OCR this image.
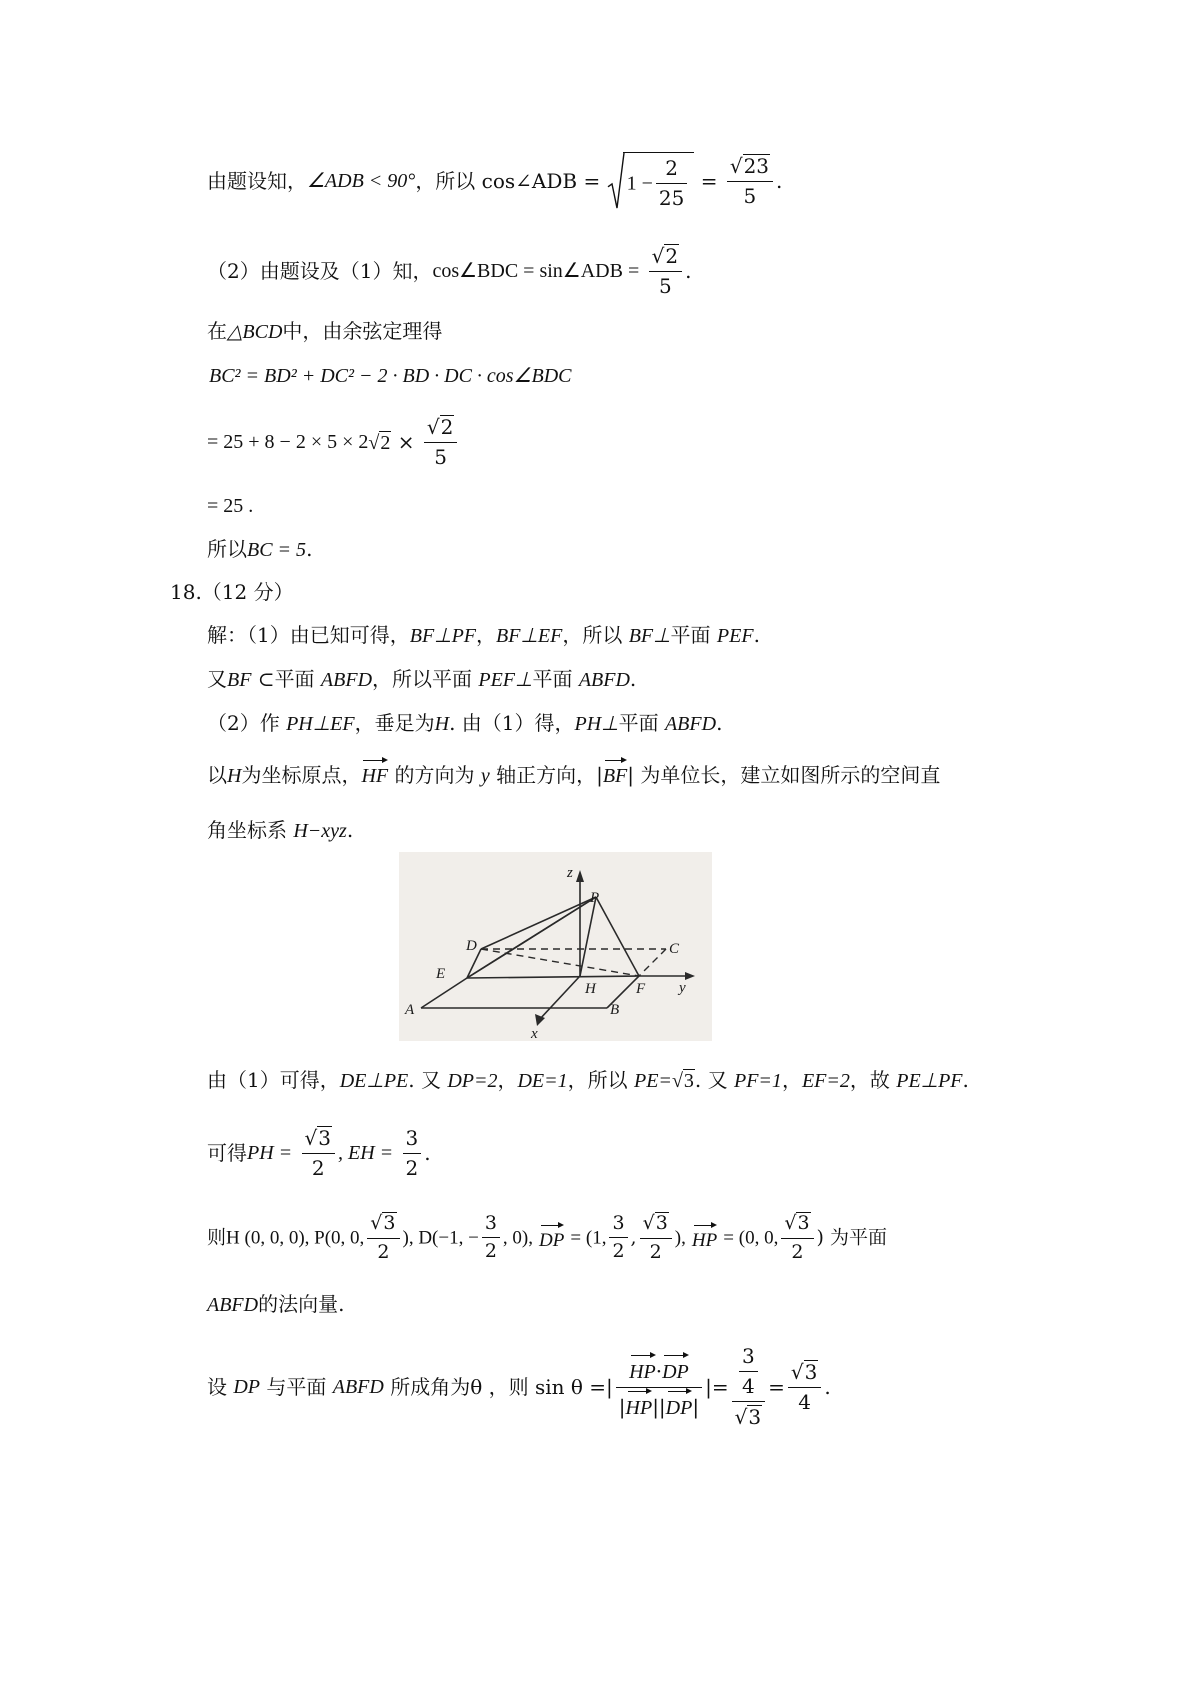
由题设知，∠ADB < 90°，所以 cos∠ADB = $1 - \frac{2}{25} = \frac{√23}{5}$ .
（2）由题设及（1）知，cos∠BDC = sin∠ADB = $\frac{√2}{5}$ .
在△BCD中，由余弦定理得
BC² = BD² + DC² − 2 · BD · DC · cos∠BDC
= $25 + 8 - 2 \times 5 \times 2√2 \times \frac{√2}{5}$
= 25 .
所以BC = 5.
18.（12 分）
解：（1）由已知可得，BF⊥PF，BF⊥EF，所以 BF⊥平面 PEF.
又BF ⊂平面 ABFD，所以平面 PEF⊥平面 ABFD.
（2）作 PH⊥EF，垂足为H. 由（1）得，PH⊥平面 ABFD.
以H为坐标原点，HF 的方向为 y 轴正方向，|BF| 为单位长，建立如图所示的空间直
角坐标系 H−xyz.
z
P
D	C
E
H	F y
A	B
x
由（1）可得，DE⊥PE. 又 DP=2，DE=1，所以 PE=√3. 又 PF=1，EF=2，故 PE⊥PF.
可得PH = $\frac{√3}{2}$ , EH = $\frac{3}{2}$ .
则H (0, 0, 0), P(0, 0, $\frac{√3}{2}$ ), D(−1, − $\frac{3}{2}$ , 0), DP = (1, $\frac{3}{2}$ , $\frac{√3}{2}$ ), HP = (0, 0, $\frac{√3}{2}$ ) 为平面
ABFD的法向量.
设 DP 与平面 ABFD 所成角为θ ，则 sin θ =| $\frac{HP\cdot DP}{|HP||DP|}$ |= $\frac{\frac{3}{4}}{√3} = \frac{√3}{4}$ .
